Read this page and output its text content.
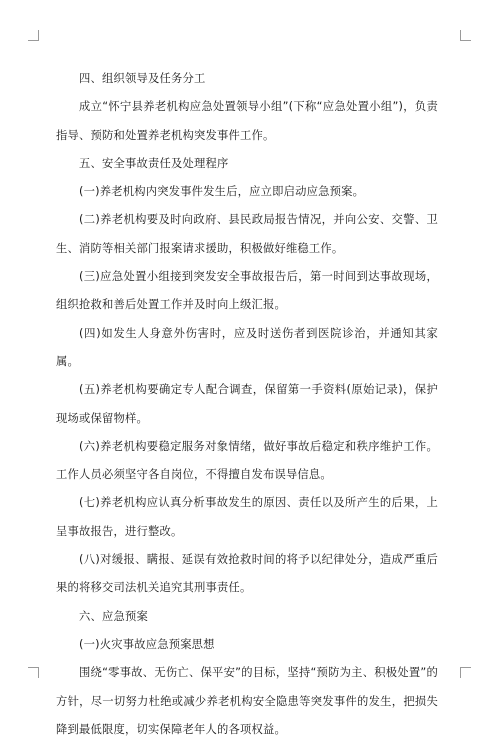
四、组织领导及任务分工

成立“怀宁县养老机构应急处置领导小组”(下称“应急处置小组”)，负责指导、预防和处置养老机构突发事件工作。

五、安全事故责任及处理程序

(一)养老机构内突发事件发生后，应立即启动应急预案。

(二)养老机构要及时向政府、县民政局报告情况，并向公安、交警、卫生、消防等相关部门报案请求援助，积极做好维稳工作。

(三)应急处置小组接到突发安全事故报告后，第一时间到达事故现场，组织抢救和善后处置工作并及时向上级汇报。

(四)如发生人身意外伤害时，应及时送伤者到医院诊治，并通知其家属。

(五)养老机构要确定专人配合调查，保留第一手资料(原始记录)，保护现场或保留物样。

(六)养老机构要稳定服务对象情绪，做好事故后稳定和秩序维护工作。工作人员必须坚守各自岗位，不得擅自发布误导信息。

(七)养老机构应认真分析事故发生的原因、责任以及所产生的后果，上呈事故报告，进行整改。

(八)对缓报、瞒报、延误有效抢救时间的将予以纪律处分，造成严重后果的将移交司法机关追究其刑事责任。

六、应急预案

(一)火灾事故应急预案思想

围绕“零事故、无伤亡、保平安”的目标，坚持“预防为主、积极处置”的方针，尽一切努力杜绝或减少养老机构安全隐患等突发事件的发生，把损失降到最低限度，切实保障老年人的各项权益。
